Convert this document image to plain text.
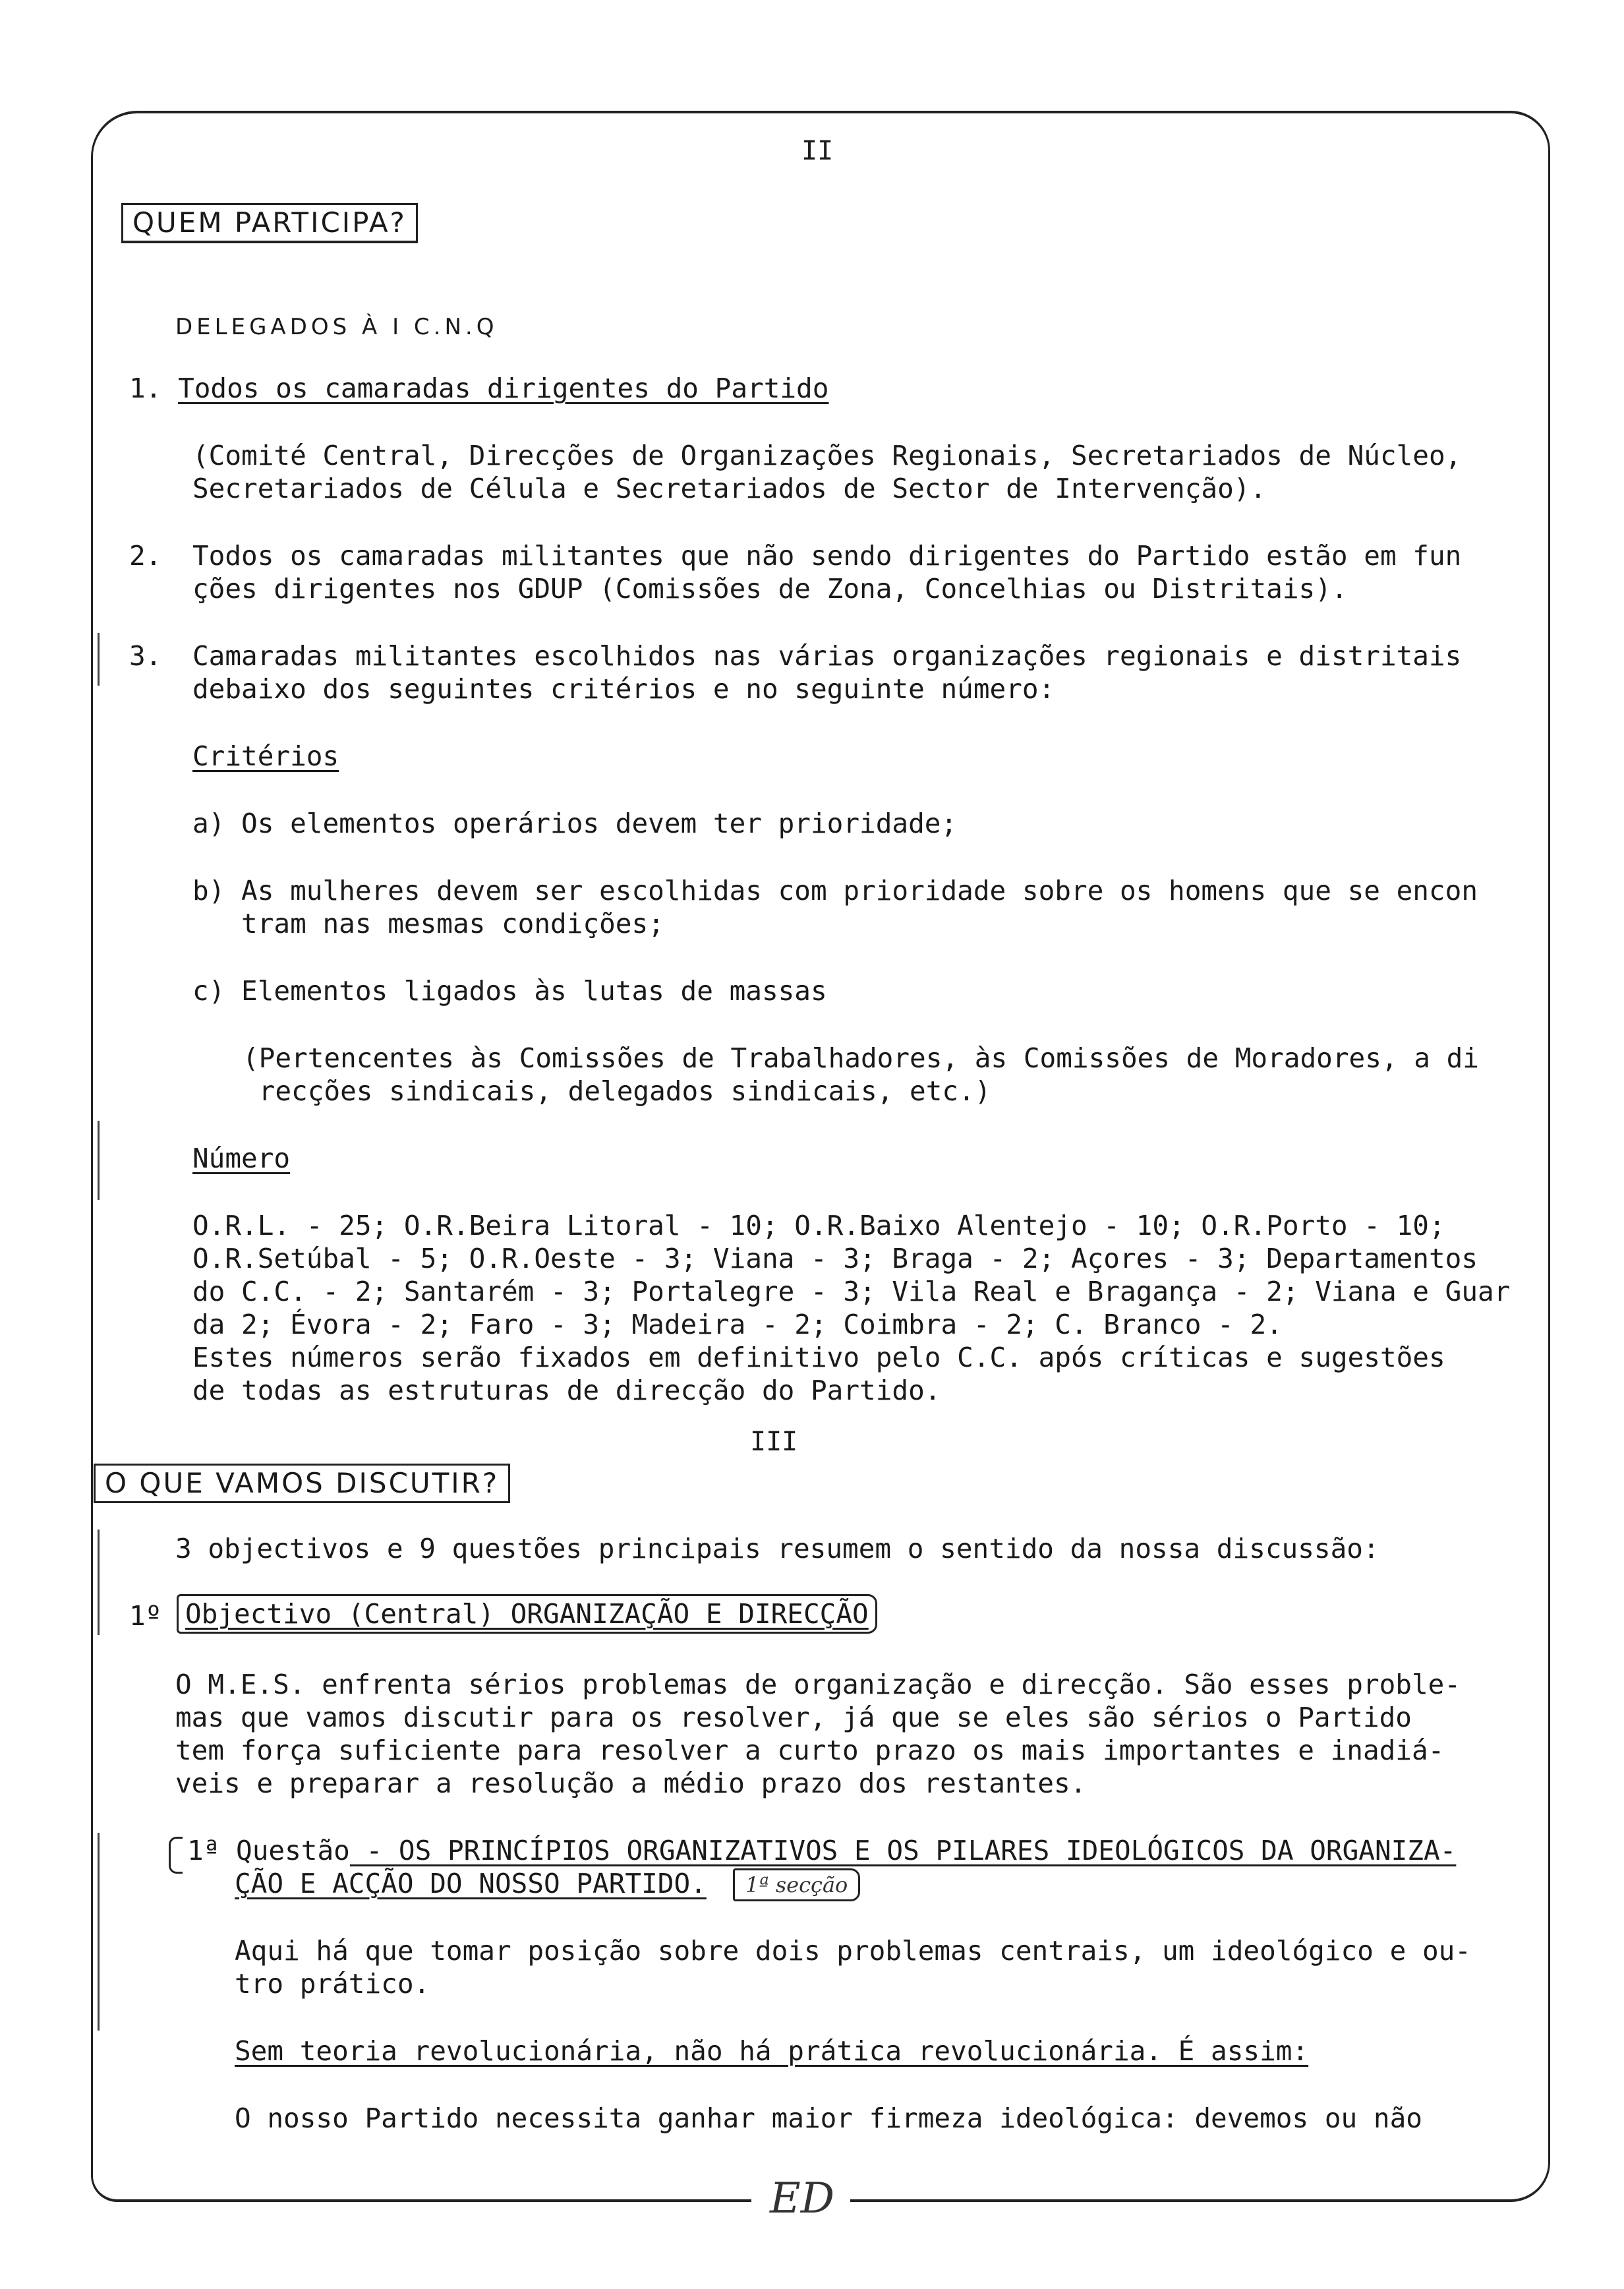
II
QUEM PARTICIPA?
DELEGADOS À I C.N.Q
1. Todos os camaradas dirigentes do Partido
(Comité Central, Direcções de Organizações Regionais, Secretariados de Núcleo,
Secretariados de Célula e Secretariados de Sector de Intervenção).
2. Todos os camaradas militantes que não sendo dirigentes do Partido estão em fun
ções dirigentes nos GDUP (Comissões de Zona, Concelhias ou Distritais).
3. Camaradas militantes escolhidos nas várias organizações regionais e distritais
debaixo dos seguintes critérios e no seguinte número:
Critérios
a) Os elementos operários devem ter prioridade;
b) As mulheres devem ser escolhidas com prioridade sobre os homens que se encon
tram nas mesmas condições;
c) Elementos ligados às lutas de massas
(Pertencentes às Comissões de Trabalhadores, às Comissões de Moradores, a di
recções sindicais, delegados sindicais, etc.)
Número
O.R.L. - 25; O.R.Beira Litoral - 10; O.R.Baixo Alentejo - 10; O.R.Porto - 10;
O.R.Setúbal - 5; O.R.Oeste - 3; Viana - 3; Braga - 2; Açores - 3; Departamentos
do C.C. - 2; Santarém - 3; Portalegre - 3; Vila Real e Bragança - 2; Viana e Guar
da 2; Évora - 2; Faro - 3; Madeira - 2; Coimbra - 2; C. Branco - 2.
Estes números serão fixados em definitivo pelo C.C. após críticas e sugestões
de todas as estruturas de direcção do Partido.
III
O QUE VAMOS DISCUTIR?
3 objectivos e 9 questões principais resumem o sentido da nossa discussão:
1º Objectivo (Central) ORGANIZAÇÃO E DIRECÇÃO
O M.E.S. enfrenta sérios problemas de organização e direcção. São esses proble-
mas que vamos discutir para os resolver, já que se eles são sérios o Partido
tem força suficiente para resolver a curto prazo os mais importantes e inadiá-
veis e preparar a resolução a médio prazo dos restantes.
1ª Questão - OS PRINCÍPIOS ORGANIZATIVOS E OS PILARES IDEOLÓGICOS DA ORGANIZA-
ÇÃO E ACÇÃO DO NOSSO PARTIDO.	1ª secção
Aqui há que tomar posição sobre dois problemas centrais, um ideológico e ou-
tro prático.
Sem teoria revolucionária, não há prática revolucionária. É assim:
O nosso Partido necessita ganhar maior firmeza ideológica: devemos ou não
ED
